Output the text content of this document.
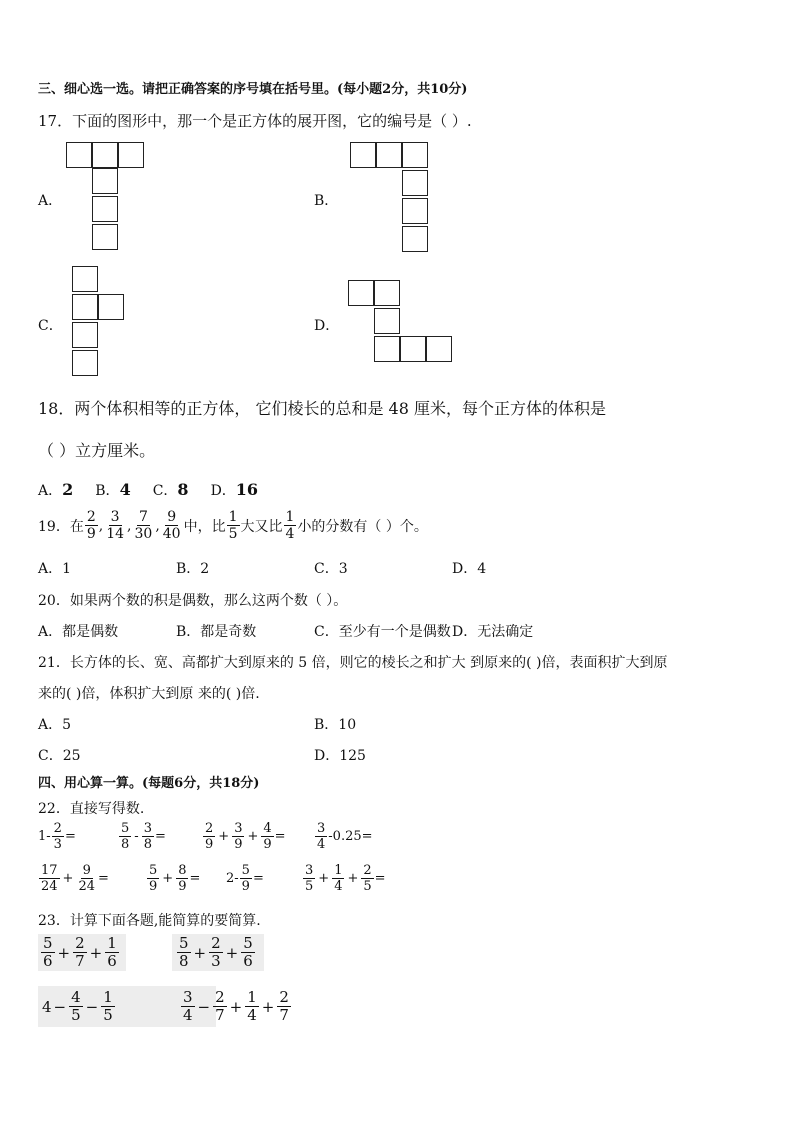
三、细心选一选。请把正确答案的序号填在括号里。(每小题2分，共10分)
17．下面的图形中，那一个是正方体的展开图，它的编号是（ ）.
A．	B．
C．	D．
18．两个体积相等的正方体， 它们棱长的总和是 48 厘米，每个正方体的体积是
（ ）立方厘米。
A．2 B．4 C．8 D．16
19．在 $\frac{2}{9}$ , $\frac{3}{14}$ , $\frac{7}{30}$ , $\frac{9}{40}$ 中，比 $\frac{1}{5}$ 大又比 $\frac{1}{4}$ 小的分数有（ ）个。
A．1	B．2	C．3	D．4
20．如果两个数的积是偶数，那么这两个数（ ）。
A．都是偶数	B．都是奇数	C．至少有一个是偶数 D．无法确定
21．长方体的长、宽、高都扩大到原来的 5 倍，则它的棱长之和扩大 到原来的( )倍，表面积扩大到原
来的( )倍，体积扩大到原 来的( )倍.
A．5	B．10
C．25	D．125
四、用心算一算。(每题6分，共18分)
22．直接写得数.
$1- \frac{2}{3}$ =	$\frac{5}{8} - \frac{3}{8}$ =	$\frac{2}{9} + \frac{3}{9} + \frac{4}{9} = \frac{3}{4} -0.25=$
$\frac{17}{24} + \frac{9}{24}$ =	$\frac{5}{9} + \frac{8}{9} = 2- \frac{5}{9}$ =	$\frac{3}{5} + \frac{1}{4} + \frac{2}{5}$ =
23．计算下面各题,能简算的要简算.
$\frac{5}{6} + \frac{2}{7} + \frac{1}{6}$	$\frac{5}{8} + \frac{2}{3} + \frac{5}{6}$
$4 - \frac{4}{5} - \frac{1}{5}$	$\frac{3}{4} - \frac{2}{7} + \frac{1}{4} + \frac{2}{7}$
